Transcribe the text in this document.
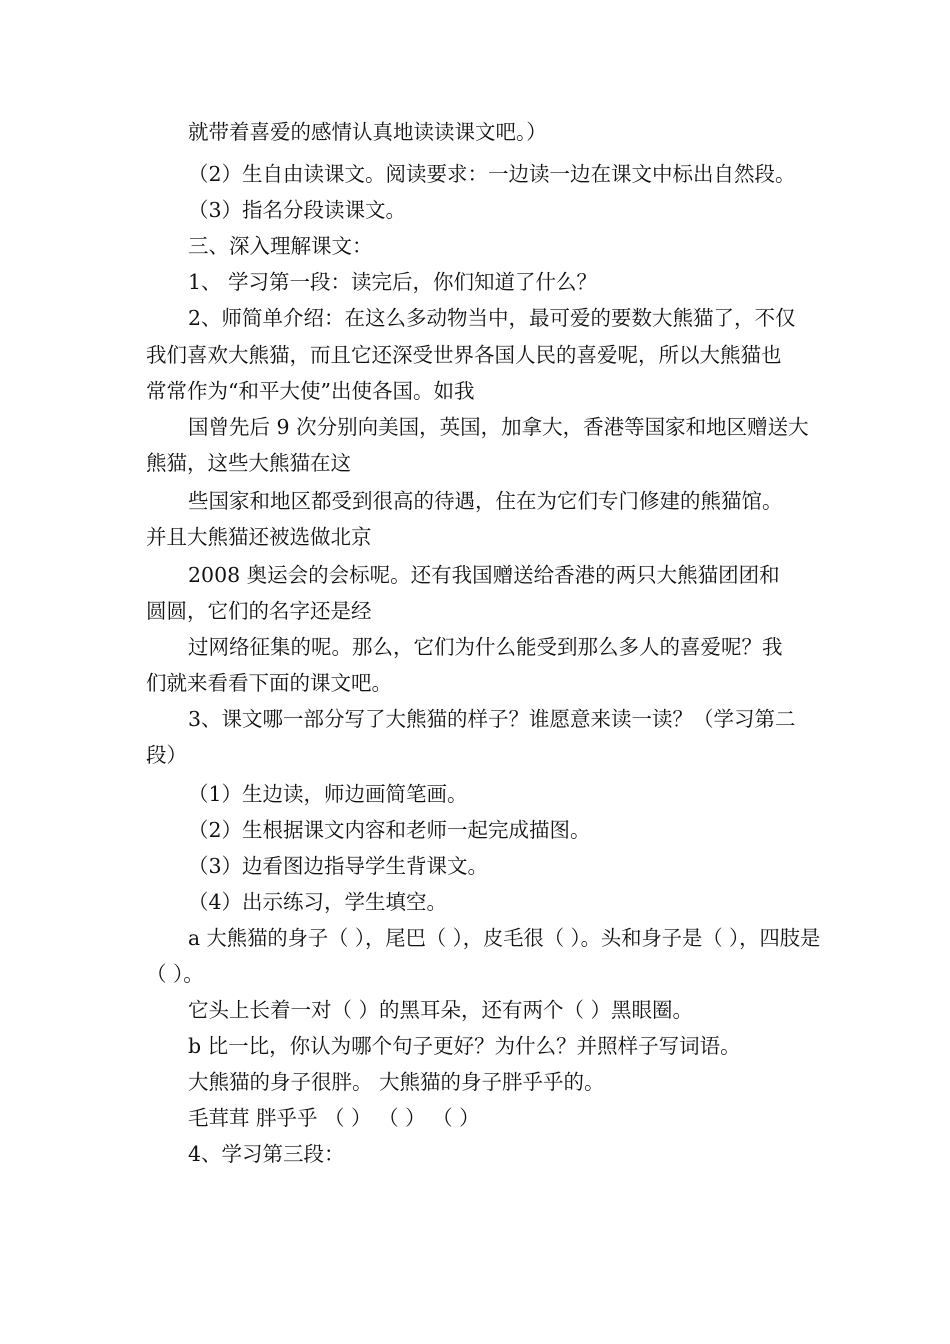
就带着喜爱的感情认真地读读课文吧。）
（2）生自由读课文。阅读要求：一边读一边在课文中标出自然段。
（3）指名分段读课文。
三、深入理解课文：
1、 学习第一段：读完后，你们知道了什么？
2、师简单介绍：在这么多动物当中，最可爱的要数大熊猫了，不仅
我们喜欢大熊猫，而且它还深受世界各国人民的喜爱呢，所以大熊猫也
常常作为“和平大使”出使各国。如我
国曾先后 9 次分别向美国，英国，加拿大，香港等国家和地区赠送大
熊猫，这些大熊猫在这
些国家和地区都受到很高的待遇，住在为它们专门修建的熊猫馆。
并且大熊猫还被选做北京
2008 奥运会的会标呢。还有我国赠送给香港的两只大熊猫团团和
圆圆，它们的名字还是经
过网络征集的呢。那么，它们为什么能受到那么多人的喜爱呢？我
们就来看看下面的课文吧。
3、课文哪一部分写了大熊猫的样子？谁愿意来读一读？（学习第二
段）
（1）生边读，师边画简笔画。
（2）生根据课文内容和老师一起完成描图。
（3）边看图边指导学生背课文。
（4）出示练习，学生填空。
a 大熊猫的身子（ ），尾巴（ ），皮毛很（ ）。头和身子是（ ），四肢是
（ ）。
它头上长着一对（ ）的黑耳朵，还有两个（ ）黑眼圈。
b 比一比，你认为哪个句子更好？为什么？并照样子写词语。
大熊猫的身子很胖。 大熊猫的身子胖乎乎的。
毛茸茸 胖乎乎 （ ） （ ） （ ）
4、学习第三段：
